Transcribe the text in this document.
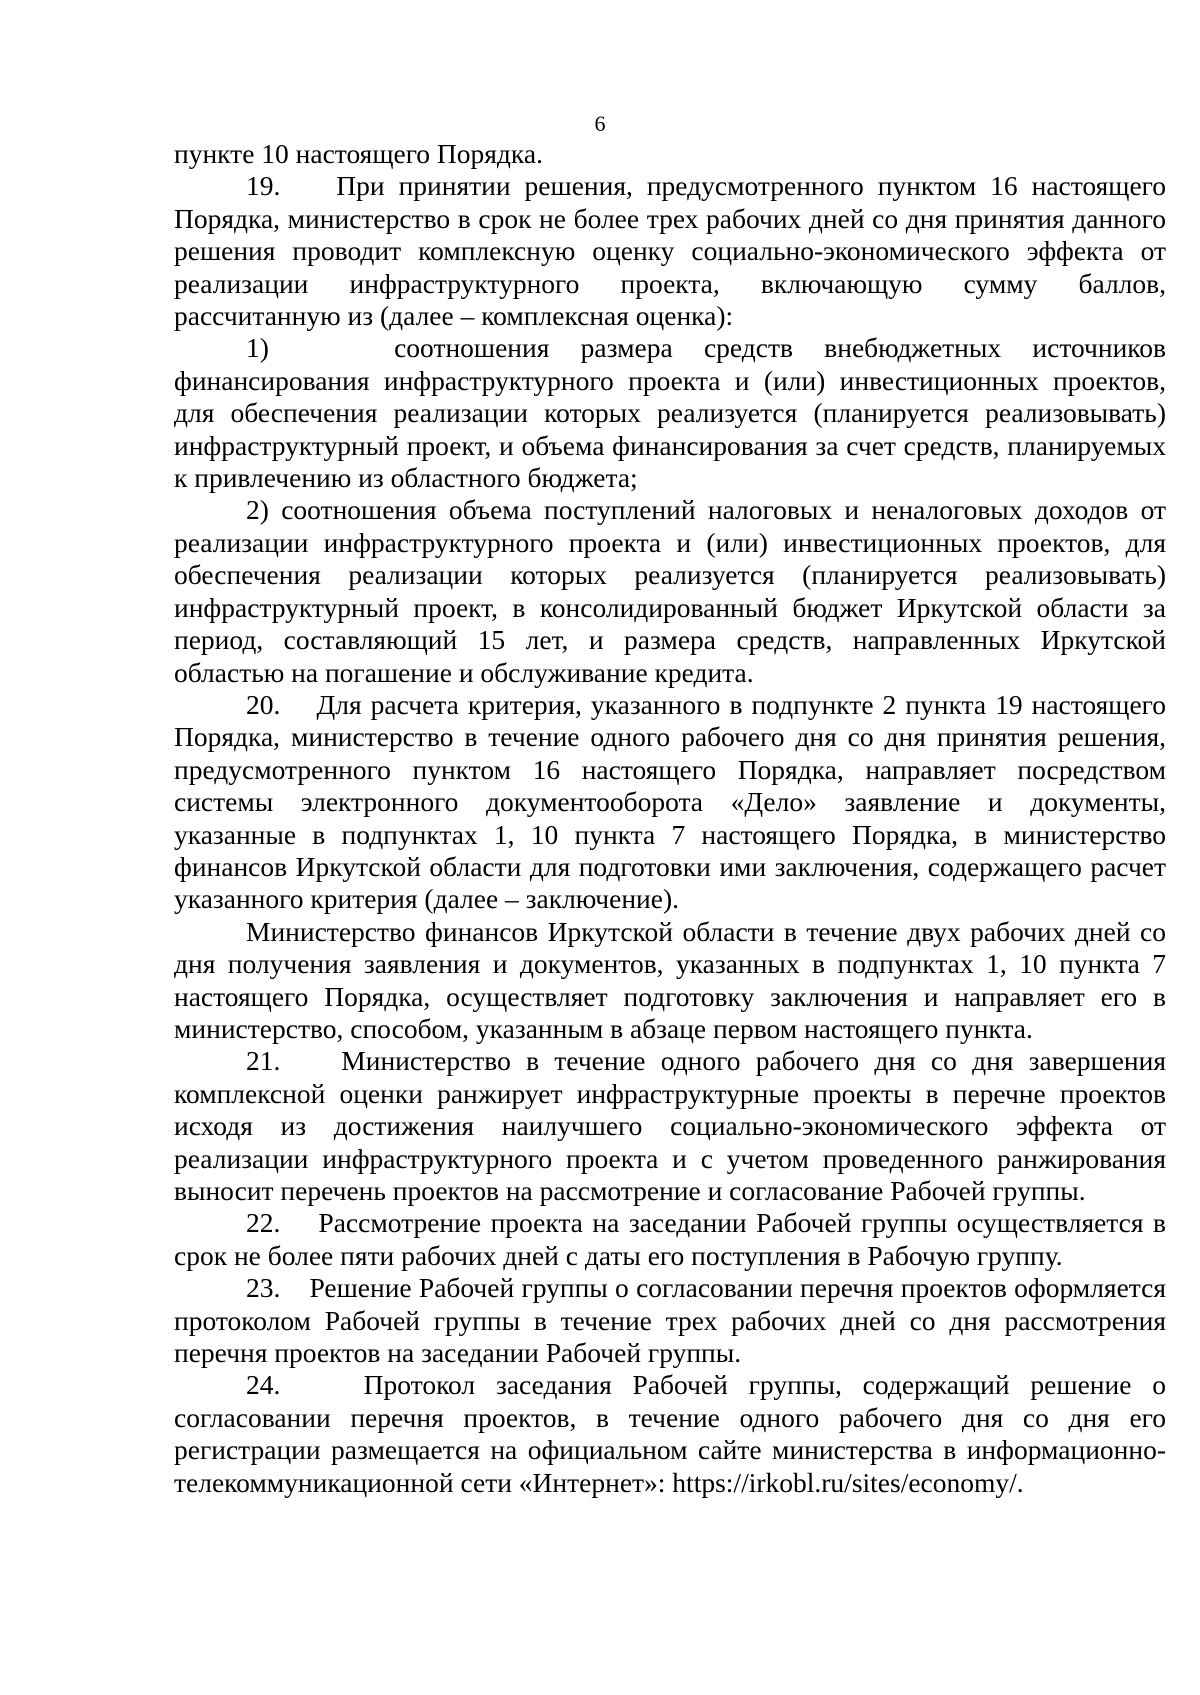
6

пункте 10 настоящего Порядка.

19.    При принятии решения, предусмотренного пунктом 16 настоящего Порядка, министерство в срок не более трех рабочих дней со дня принятия данного решения проводит комплексную оценку социально-экономического эффекта от реализации инфраструктурного проекта, включающую сумму баллов, рассчитанную из (далее – комплексная оценка):

1)    соотношения размера средств внебюджетных источников финансирования инфраструктурного проекта и (или) инвестиционных проектов, для обеспечения реализации которых реализуется (планируется реализовывать) инфраструктурный проект, и объема финансирования за счет средств, планируемых к привлечению из областного бюджета;

2) соотношения объема поступлений налоговых и неналоговых доходов от реализации инфраструктурного проекта и (или) инвестиционных проектов, для обеспечения реализации которых реализуется (планируется реализовывать) инфраструктурный проект, в консолидированный бюджет Иркутской области за период, составляющий 15 лет, и размера средств, направленных Иркутской областью на погашение и обслуживание кредита.

20.    Для расчета критерия, указанного в подпункте 2 пункта 19 настоящего Порядка, министерство в течение одного рабочего дня со дня принятия решения, предусмотренного пунктом 16 настоящего Порядка, направляет посредством системы электронного документооборота «Дело» заявление и документы, указанные в подпунктах 1, 10 пункта 7 настоящего Порядка, в министерство финансов Иркутской области для подготовки ими заключения, содержащего расчет указанного критерия (далее – заключение).

Министерство финансов Иркутской области в течение двух рабочих дней со дня получения заявления и документов, указанных в подпунктах 1, 10 пункта 7 настоящего Порядка, осуществляет подготовку заключения и направляет его в министерство, способом, указанным в абзаце первом настоящего пункта.

21.    Министерство в течение одного рабочего дня со дня завершения комплексной оценки ранжирует инфраструктурные проекты в перечне проектов исходя из достижения наилучшего социально-экономического эффекта от реализации инфраструктурного проекта и с учетом проведенного ранжирования выносит перечень проектов на рассмотрение и согласование Рабочей группы.

22.    Рассмотрение проекта на заседании Рабочей группы осуществляется в срок не более пяти рабочих дней с даты его поступления в Рабочую группу.

23.    Решение Рабочей группы о согласовании перечня проектов оформляется протоколом Рабочей группы в течение трех рабочих дней со дня рассмотрения перечня проектов на заседании Рабочей группы.

24.    Протокол заседания Рабочей группы, содержащий решение о согласовании перечня проектов, в течение одного рабочего дня со дня его регистрации размещается на официальном сайте министерства в информационно-телекоммуникационной сети «Интернет»: https://irkobl.ru/sites/economy/.
